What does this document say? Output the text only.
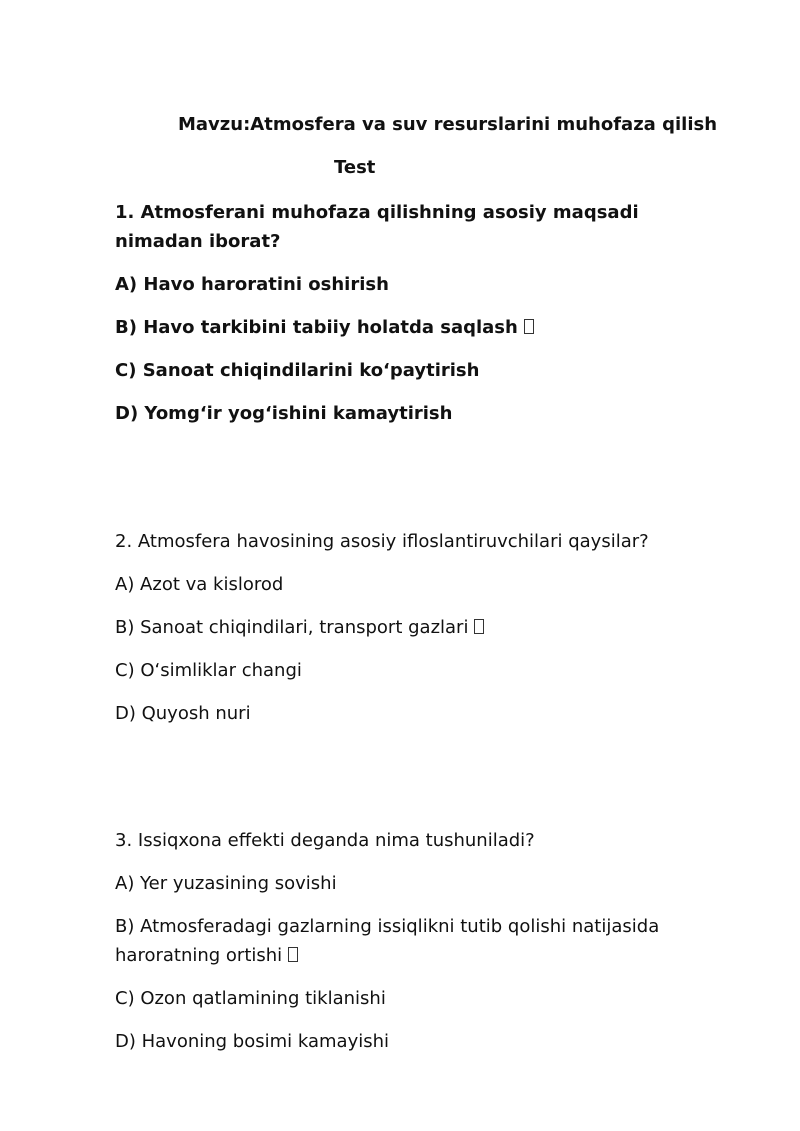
Mavzu:Atmosfera va suv resurslarini muhofaza qilish
Test
1. Atmosferani muhofaza qilishning asosiy maqsadi nimadan iborat?
A) Havo haroratini oshirish
B) Havo tarkibini tabiiy holatda saqlash
C) Sanoat chiqindilarini ko‘paytirish
D) Yomg‘ir yog‘ishini kamaytirish
2. Atmosfera havosining asosiy ifloslantiruvchilari qaysilar?
A) Azot va kislorod
B) Sanoat chiqindilari, transport gazlari
C) O‘simliklar changi
D) Quyosh nuri
3. Issiqxona effekti deganda nima tushuniladi?
A) Yer yuzasining sovishi
B) Atmosferadagi gazlarning issiqlikni tutib qolishi natijasida haroratning ortishi
C) Ozon qatlamining tiklanishi
D) Havoning bosimi kamayishi
